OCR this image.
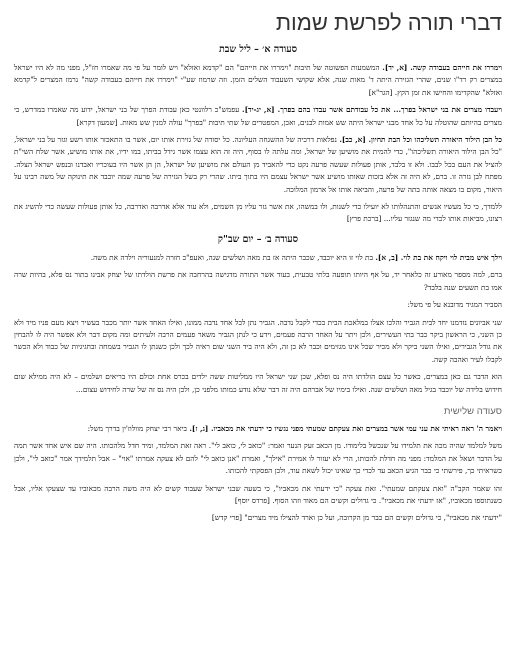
דברי תורה לפרשת שמות
סעודה א׳ – ליל שבת

וימררו את חייהם בעבודה קשה. [א, יד]. המשמעות הפשוטה של תיבות "וימררו את חייהם" הם "קדמא ואזלא" ויש לומר על פי מה שאמרו חז"ל, מפני מה לא היו ישראל במצרים רק רד"ו שנים, שהרי הגזירה היתה ד' מאות שנה, אלא שקושי השעבוד השלים הזמן. וזה שרמוז שע"י "וימררו את חייהם בעבודה קשה" נרמז המצרים ל"קדמא ואזלא" שהקדימו והחישו את זמן הקץ. [הגר"א]

ויעבדו מצרים את בני ישראל בפרך... את כל עבודתם אשר עבדו בהם בפרך. [א, יג-יד]. עפמש"כ רלוונטי כאן עבודת הפרך של בני ישראל, ידוע מה שאמרו במדרש, כי מצרים בהיותם שהוטלה על כל אחד מבני ישראל היתה שש אמות לבנים, ואכן, המפטרים של שתי תיבות "בפרך" עולה למנין שש מאות. [שמעון דקרא]

כל הבן הילוד היאורה תשליכהו וכל הבת תחיון. [א, כב]. נפלאות דרכיה של ההשגחה העליונה. כל יסודה של גזירת אותו יום, אשר בו התאכזר אותו רשע וגזר על בני ישראל, "כל הבן הילוד היאורה תשליכהו", כדי להמית את מושיען של ישראל, ומה עלתה לו בסוף, היה זה הוא עצמו אשר גידל בביתו, במו ידיו, את אותו מושיע, אשר שלח השי"ת להציל את העם בכל לבבו. ולא זו בלבד, אותן פעולות שעשה פרעה נקט כדי להאביד מן העולם את מושיען של ישראל, הן הן אשר היו בעוכריו ואבדנו ובנפש ישראל הצלה. מפתח לבן גזרה זו. ברם, לא היה זה אלא בזכות שאותו מושיע אשר ישראל עצמם היו בתוך ביתו. שהרי רק בשל הגזירה של פרעה שמה יוכבד את תינוקה של משה רבינו על היאור, מקום בו מצאה אותה בתה של פרעה, והביאה אותו אל ארמון המלוכה.

ללמדך, כי כל מעשיו אנשים והתנהלותו לא יועילו כדי לשנות, ולו במשהו, את אשר גזר עליו מן השמים, ולא עוד אלא אדרבה ואדרבה, כל אותן פעולות שעשה כדי להשיג את רצונו, מביאות אותו לכדי מה שנגזר עליו... [ברכת פרץ]

סעודה ב׳ – יום שב"ק

וילך איש מבית לוי ויקח את בת לוי. [ב, א]. בת לוי זו היא יוכבד, שכבר היתה אז בת מאה ושלשים שנה, ואעפ"כ חזרה למנעוריה וילדה את משה.

ברם, למה מספר מאורע זה כלאחר יד, על אף היותו תופעה בלתי טבעית, בעוד אשר התורה מדגישה בהרחבה את פרשת הולדתו של יצחק אבינו בתור נס פלא, בהיות שרה אמו בת תשעים שנה בלבד?

הסביר המגיד מדובנא על פי משל:

שני אביונים נזדמנו יחד לבית הגביר והלכו אצלו במלאכת הבית בכדי לקבל נדבה. הגביר נתן לכל אחד נדבה ממונו, ואילו האחד אשר יותר מכבר בעשיר ויצא מעם פניו מיד ולא כן השני, כי הראשון ביקר כבר בתי העשירים, ולכן ויתר על האחד הרבה פעמים, וידע כי לנתן הגביר משאר פעמים הרבה ולעיתים ומה מקום דבר ולא אפשר היה לו להבחין את גודל הגבירים, ואילו השני ביקר ולא מכיר שכל אינו מגזימים וכבר לא כן זה, ולא היה ביד השני שום ראיה לכך ולכן כשנתן לו הגביר בשמחה ובחגיגיות של כבוד ולא הכשר לקבלו לעיר ואהבה קשה.

הוא הדבר גם כאן במצרים, כאשר כל עצם הולדתו היה נס ופלא, שכן שני ישראל היו ממליטות ששה ילדים בכרס אחת וכולם היו בריאים ושלמים – לא היה ממילא שום חידוש בלידה של יוכבד בגיל מאה ושלשים שנה. ואילו בימיו של אברהם היה זה דבר שלא נודע כמותו מלפני כן, ולכן היה נס זה של שרה לחידוש עצום...

סעודה שלישית

ויאמר ה' ראה ראיתי את עני עמי אשר במצרים ואת צעקתם שמעתי מפני נגשיו כי ידעתי את מכאביו. [ג, ז]. ביאר רבי יצחק מוולוז'ין בדרך משל:

משל למלמד שהיה מכה את תלמידו על שנכשל בלימודו. מן הכאב זעק הנער ואמר: "כואב לי, כואב לי". ראה זאת המלמד, ומיד חדל מלהכותו. היה שם איש אחד אשר תמה על הדבר ושאל את המלמד: מפני מה חדלת להכותו, הרי לא יעזור לו אמירת "אילך", ואמרת "אנן כואב לי" להם לא צעקה אמרתו "אוי" – אבל תלמידך אמר "כואב לי", ולכן כשראיתי כך, פירשתי כי כבר הגיע הכאב עד לכדי כך שאינו יכול לשאת עוד, ולכן הפסקתי להכותו.

זהו שאמר הקב"ה "ואת צעקתם שמעתי". זאת צעקה "כי ידעתי את מכאביו", כי בשעה שבני ישראל שעבוד קשים לא היה משה הרבה מכאוביו עד שצעקו אליו, אבל כשנתוספו מכאוביו, "אז ידעתי את מכאביו". כי גדולים וקשים הם מאוד וזהו הסוף. [פרדס יוסף]

"ידעתי את מכאביו", כי גדולים וקשים הם כבר מן הקרובה, ועל כן וארד להצילו מיד מצרים" [פרי קדש]
